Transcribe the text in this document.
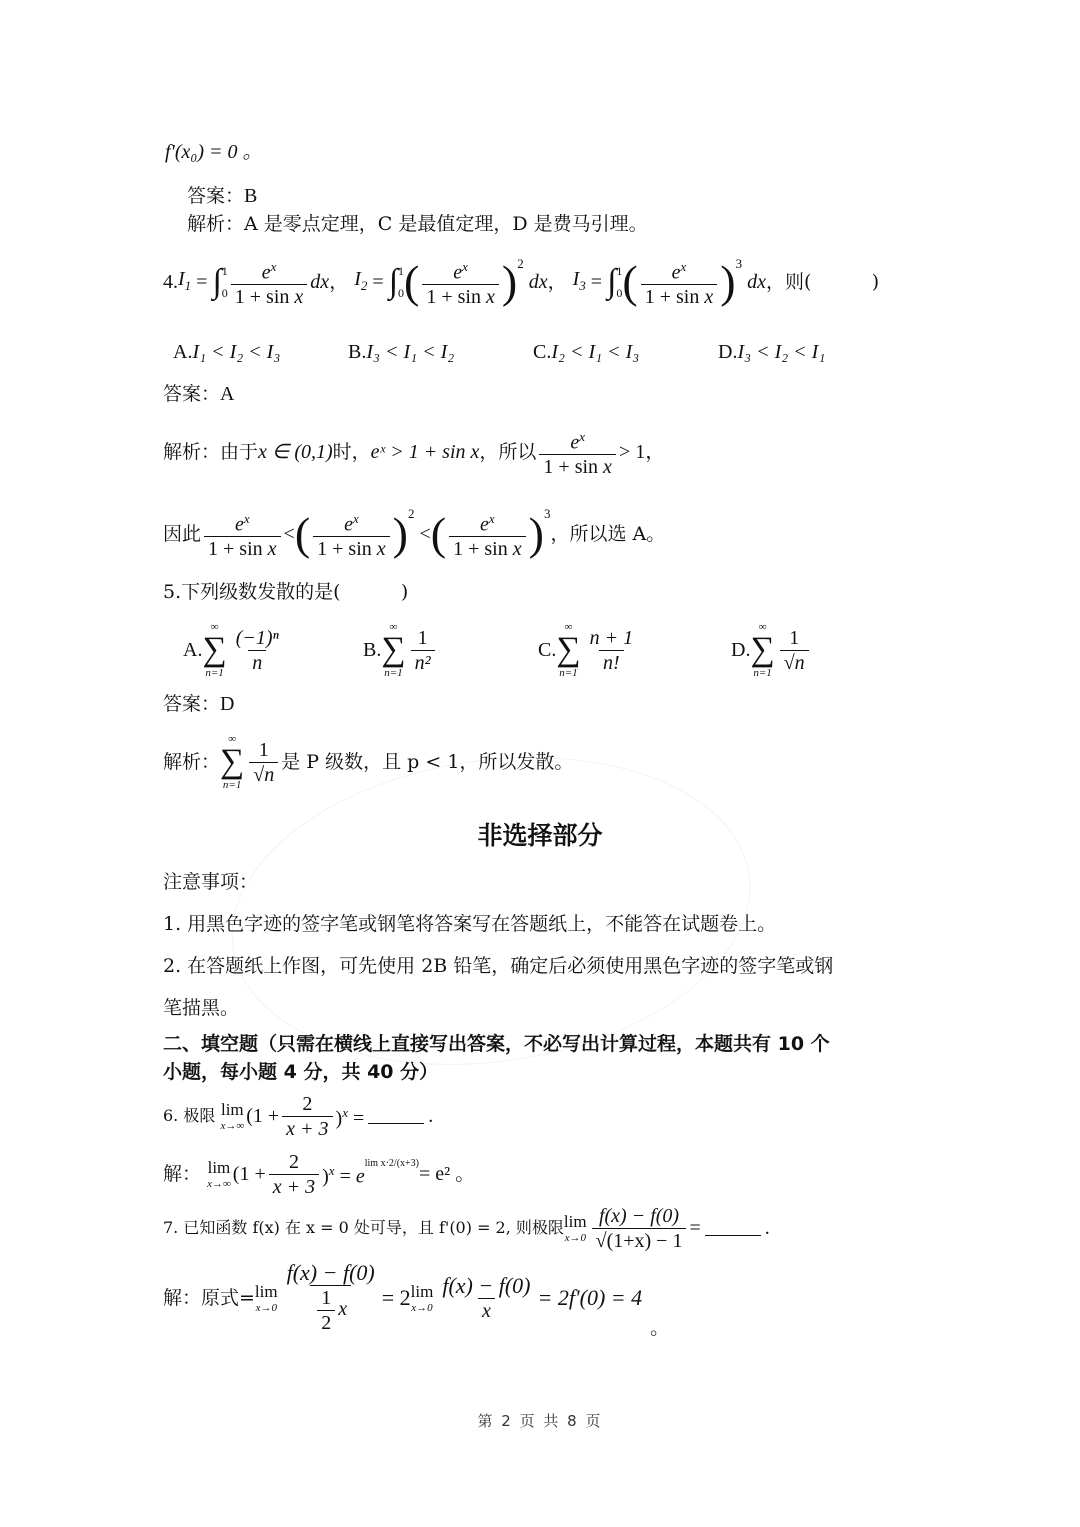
f'(x₀) = 0 。
答案：B
解析：A 是零点定理，C 是最值定理，D 是费马引理。
4. $I_1$ = ∫ 1
$0 \frac{e^x}{\text{1 + sin x}}$ dx ， $I_2$ = ∫ 1
0 ( $\frac{e^x}{\text{1 + sin x}}$ ) 2
dx ， $I_3$ = ∫ 1
0 ( $\frac{e^x}{\text{1 + sin x}}$ ) 3
dx ，则(          )
A.I₁ < I₂ < I₃	B.I₃ < I₁ < I₂	C.I₂ < I₁ < I₃	D.I₃ < I₂ < I₁
答案：A
解析： 由于 x ∈ (0,1) 时， eˣ > 1 + sin x ，所以 $\frac{e^x}{\text{1 + sin x}} > 1$，
因此 $\frac{e^x}{\text{1 + sin x}}$ < ( $\frac{e^x}{\text{1 + sin x}}$ ) 2
< ( $\frac{e^x}{\text{1 + sin x}}$ ) 3
，所以选 A。
5.下列级数发散的是(          )
A.
∞
∑
$n=1 \frac{\text{(−1)ⁿ}}{n}$	B.
∞
∑
$n=1 \frac{1}{\text{n²}}$	C.
∞
∑
$n=1 \frac{n + 1}{n!}$	D.
∞
∑
$n=1 \frac{1}{√n}$
答案：D
解析：
∞
∑
$n=1 \frac{1}{√n}$ 是 P 级数，且 p < 1，所以发散。
非选择部分
注意事项：
1. 用黑色字迹的签字笔或钢笔将答案写在答题纸上，不能答在试题卷上。
2. 在答题纸上作图，可先使用 2B 铅笔，确定后必须使用黑色字迹的签字笔或钢
笔描黑。
二、填空题（只需在横线上直接写出答案，不必写出计算过程，本题共有 10 个
小题，每小题 4 分，共 40 分）
6. 极限
lim
x→∞ $(1 + \frac{2}{x + 3} )^x$ =	.
解：
lim
x→∞ $(1 + \frac{2}{x + 3} )^x = e$
lim x·2/(x+3) = e² 。
7. 已知函数 f(x) 在 x = 0 处可导，且 f'(0) = 2, 则极限 lim
$x\to 0 \frac{f(x) - f(0)}{√(1+x) - 1}$ =	.
解：原式= lim
$x\to 0 \frac{f(x) - f(0)}{\frac{1}{2} x} = 2$ lim
$x\to 0 \frac{f(x) - f(0)}{x} = 2f'(0) = 4$
。
第 2 页 共 8 页
